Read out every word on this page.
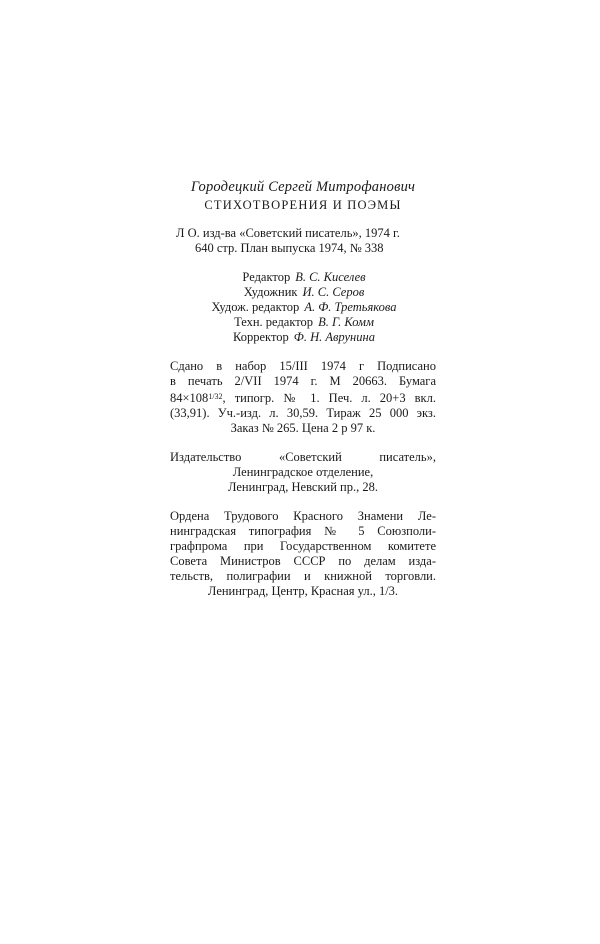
Городецкий Сергей Митрофанович
СТИХОТВОРЕНИЯ И ПОЭМЫ
Л О. изд-ва «Советский писатель», 1974 г.
640 стр. План выпуска 1974, № 338
Редактор В. С. Киселев
Художник И. С. Серов
Худож. редактор А. Ф. Третьякова
Техн. редактор В. Г. Комм
Корректор Ф. Н. Аврунина
Сдано в набор 15/III 1974 г Подписано
в печать 2/VII 1974 г. М 20663. Бумага
$84\times 108^{1/32}$, типогр. № 1. Печ. л. 20+3 вкл.
(33,91). Уч.-изд. л. 30,59. Тираж 25 000 экз.
Заказ № 265. Цена 2 р 97 к.
Издательство «Советский писатель»,
Ленинградское отделение,
Ленинград, Невский пр., 28.
Ордена Трудового Красного Знамени Ле-
нинградская типография № 5 Союзполи-
графпрома при Государственном комитете
Совета Министров СССР по делам изда-
тельств, полиграфии и книжной торговли.
Ленинград, Центр, Красная ул., 1/3.
